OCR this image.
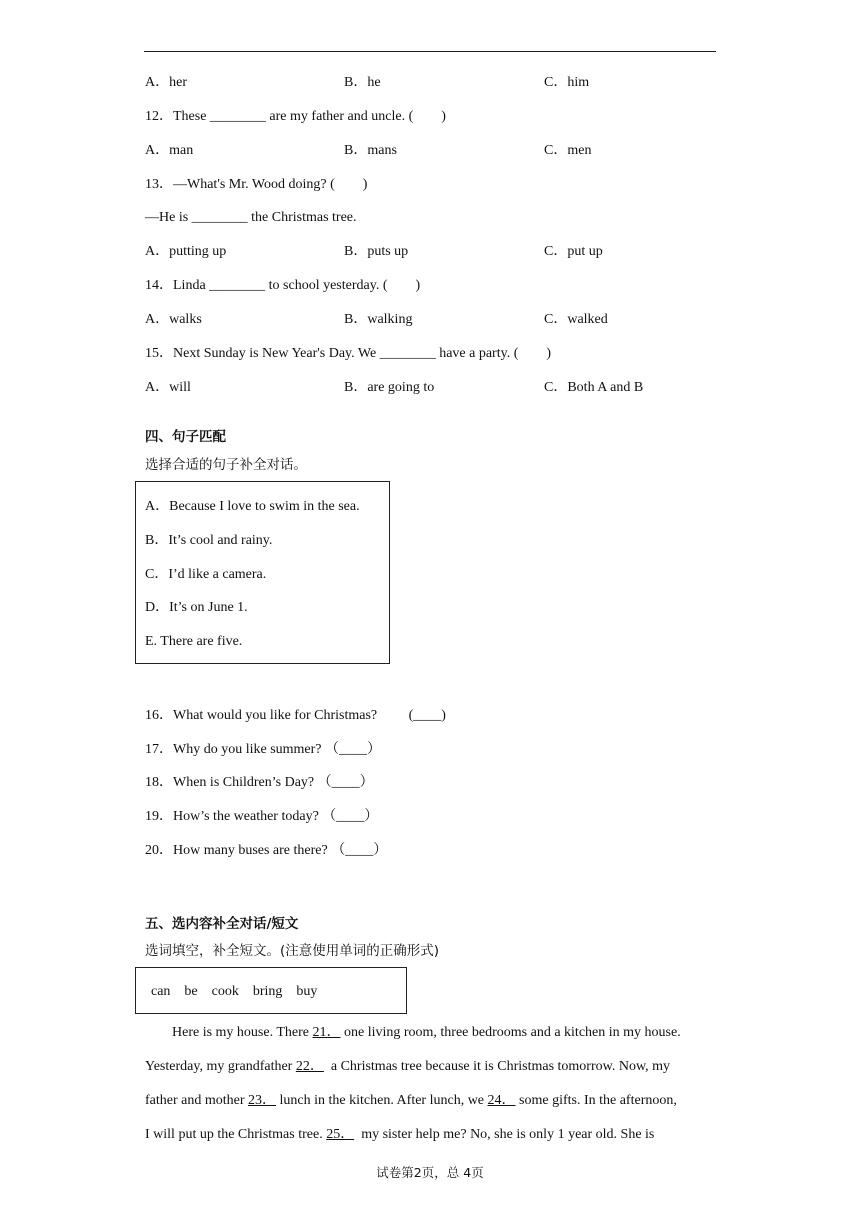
A．her	B．he	C．him
12．These ________ are my father and uncle. (　　)
A．man	B．mans	C．men
13．—What's Mr. Wood doing? (　　)
—He is ________ the Christmas tree.
A．putting up	B．puts up	C．put up
14．Linda ________ to school yesterday. (　　)
A．walks	B．walking	C．walked
15．Next Sunday is New Year's Day. We ________ have a party. (　　)
A．will	B．are going to	C．Both A and B
四、句子匹配
选择合适的句子补全对话。
A．Because I love to swim in the sea.
B．It’s cool and rainy.
C．I’d like a camera.
D．It’s on June 1.
E. There are five.
16．What would you like for Christmas?　　 (____)
17．Why do you like summer? （____）
18．When is Children’s Day? （____）
19．How’s the weather today? （____）
20．How many buses are there? （____）
五、选内容补全对话/短文
选词填空，补全短文。(注意使用单词的正确形式)
can    be    cook    bring    buy
Here is my house. There 21． one living room, three bedrooms and a kitchen in my house.
Yesterday, my grandfather 22．  a Christmas tree because it is Christmas tomorrow. Now, my
father and mother 23． lunch in the kitchen. After lunch, we 24． some gifts. In the afternoon,
I will put up the Christmas tree. 25．  my sister help me? No, she is only 1 year old. She is
试卷第2页，总 4页
